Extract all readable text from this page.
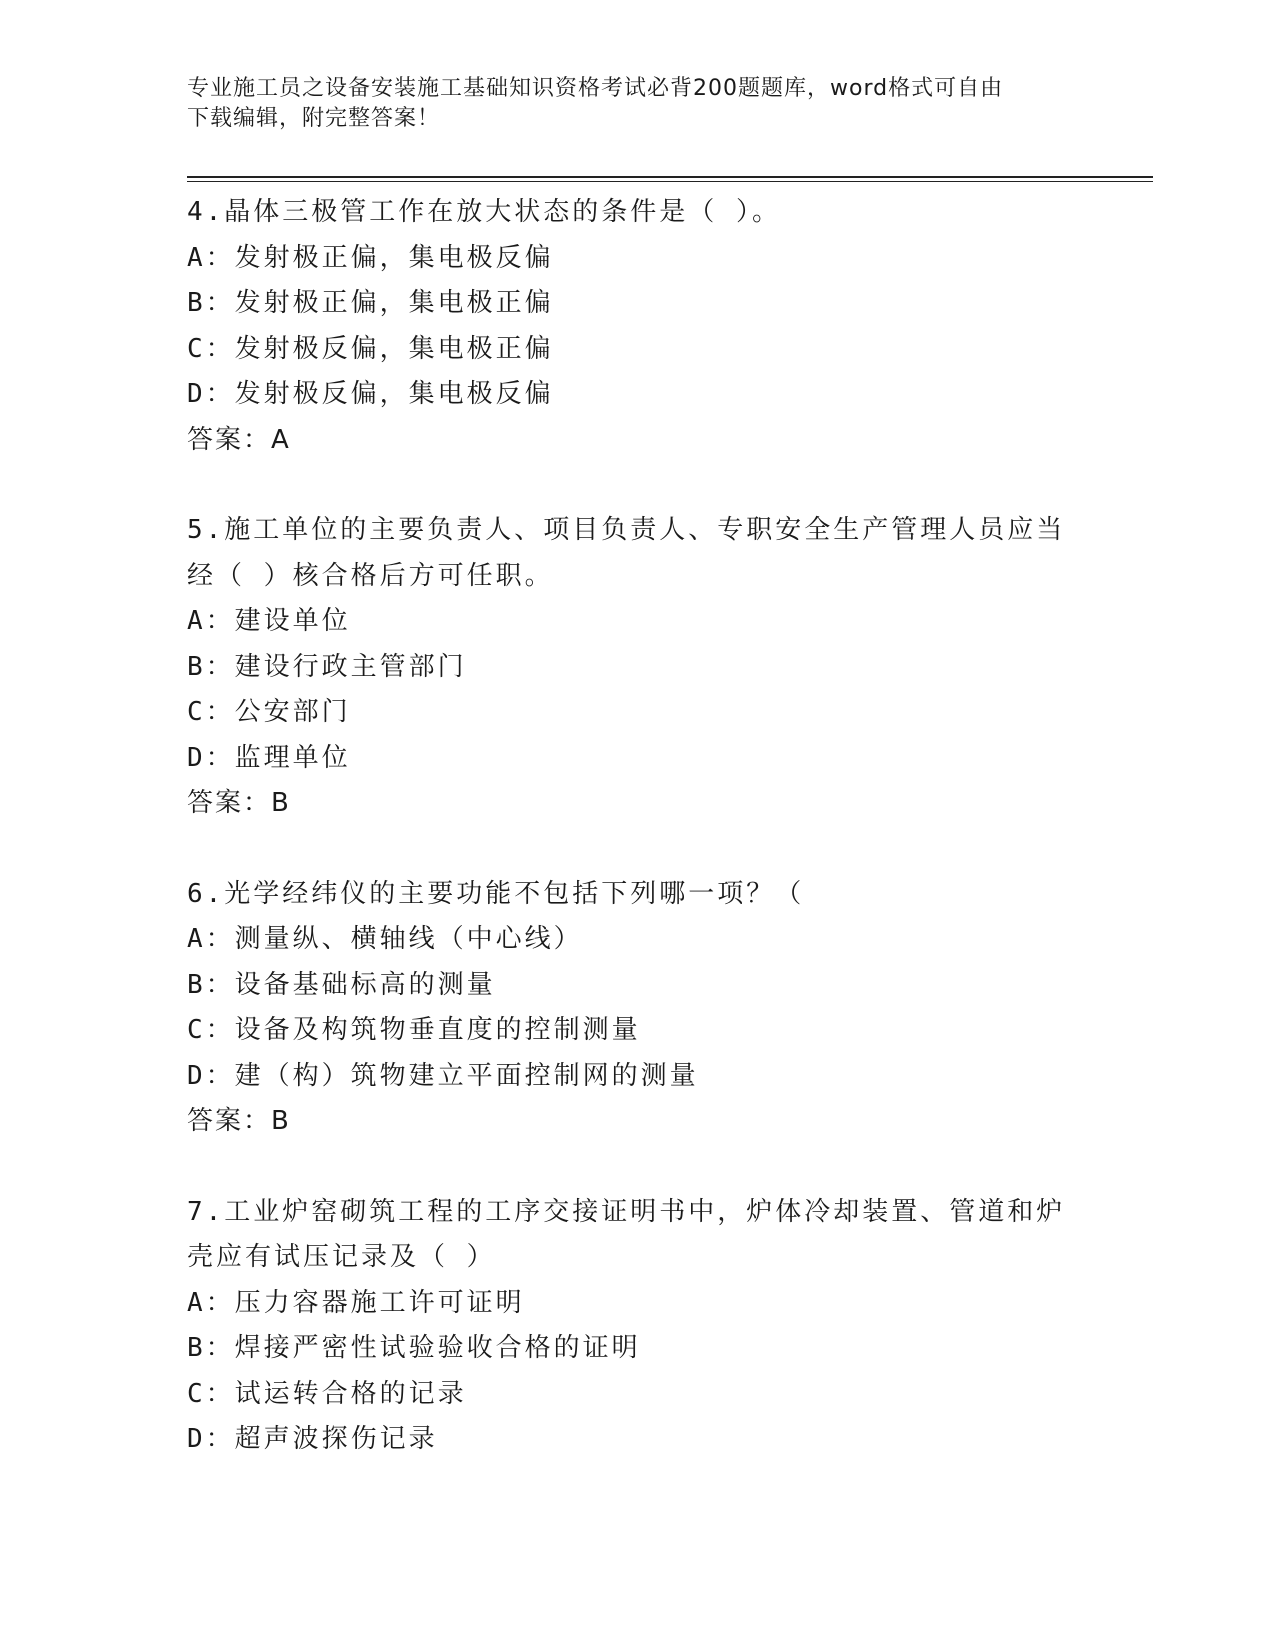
专业施工员之设备安装施工基础知识资格考试必背200题题库，word格式可自由
下载编辑，附完整答案！
4.晶体三极管工作在放大状态的条件是（ ）。
A：发射极正偏，集电极反偏
B：发射极正偏，集电极正偏
C：发射极反偏，集电极正偏
D：发射极反偏，集电极反偏
答案：A
5.施工单位的主要负责人、项目负责人、专职安全生产管理人员应当
经（ ）核合格后方可任职。
A：建设单位
B：建设行政主管部门
C：公安部门
D：监理单位
答案：B
6.光学经纬仪的主要功能不包括下列哪一项？（
A：测量纵、横轴线（中心线）
B：设备基础标高的测量
C：设备及构筑物垂直度的控制测量
D：建（构）筑物建立平面控制网的测量
答案：B
7.工业炉窑砌筑工程的工序交接证明书中，炉体冷却装置、管道和炉
壳应有试压记录及（ ）
A：压力容器施工许可证明
B：焊接严密性试验验收合格的证明
C：试运转合格的记录
D：超声波探伤记录
